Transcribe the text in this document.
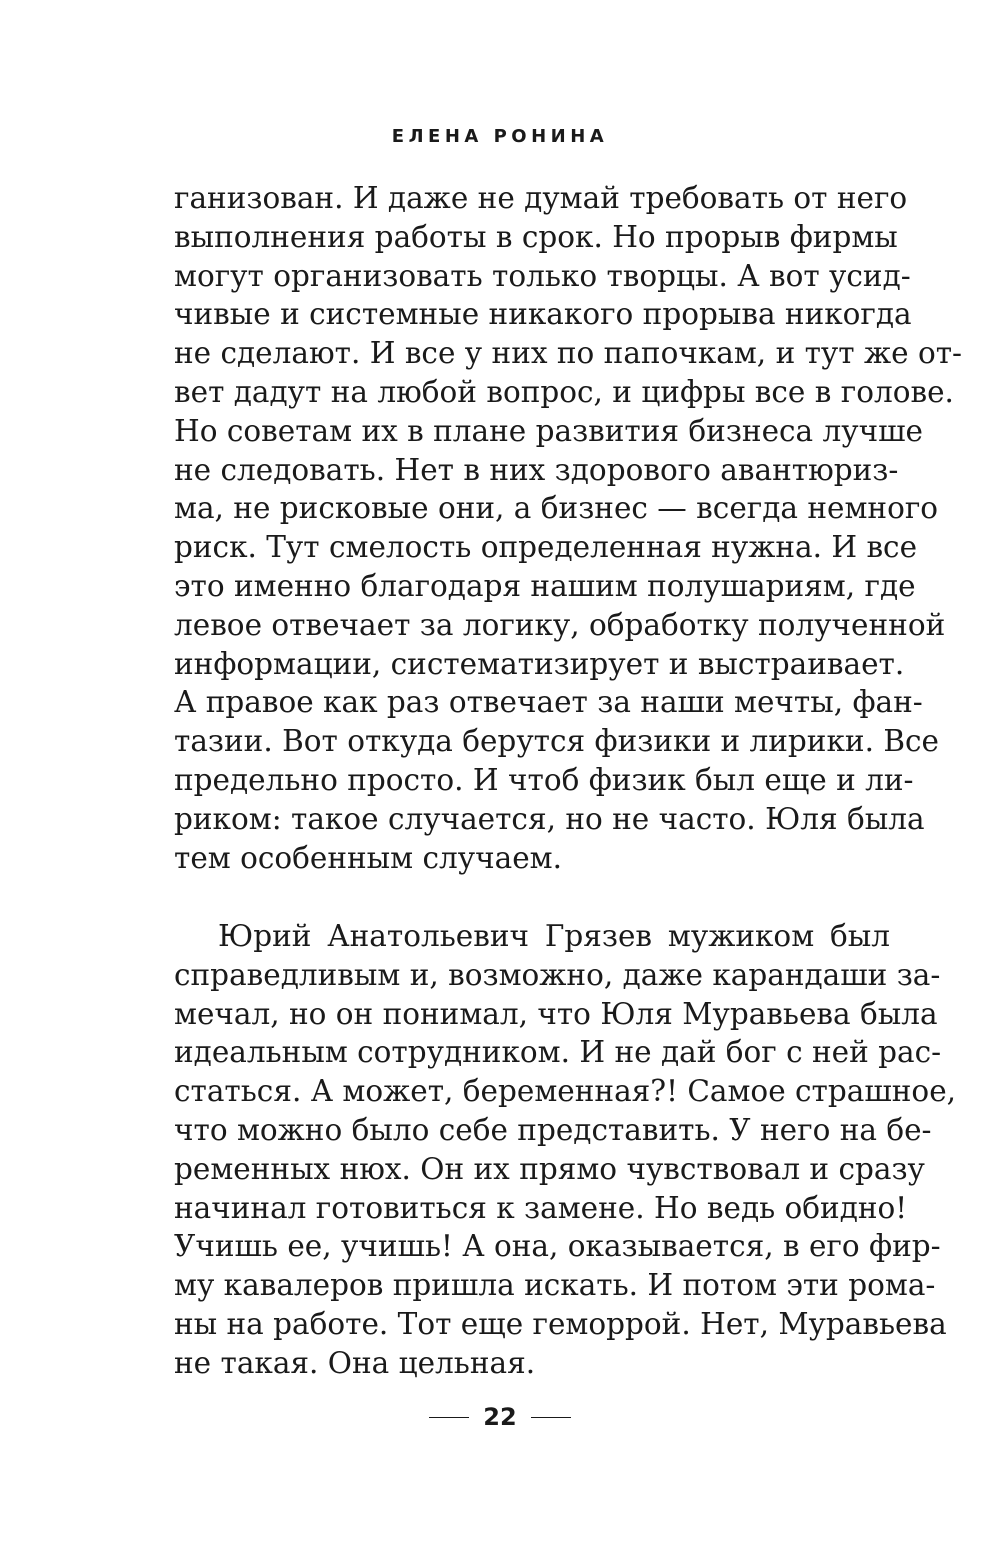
ЕЛЕНА РОНИНА
ганизован. И даже не думай требовать от него
выполнения работы в срок. Но прорыв фирмы
могут организовать только творцы. А вот усид-
чивые и системные никакого прорыва никогда
не сделают. И все у них по папочкам, и тут же от-
вет дадут на любой вопрос, и цифры все в голове.
Но советам их в плане развития бизнеса лучше
не следовать. Нет в них здорового авантюриз-
ма, не рисковые они, а бизнес — всегда немного
риск. Тут смелость определенная нужна. И все
это именно благодаря нашим полушариям, где
левое отвечает за логику, обработку полученной
информации, систематизирует и выстраивает.
А правое как раз отвечает за наши мечты, фан-
тазии. Вот откуда берутся физики и лирики. Все
предельно просто. И чтоб физик был еще и ли-
риком: такое случается, но не часто. Юля была
тем особенным случаем.
Юрий Анатольевич Грязев мужиком был
справедливым и, возможно, даже карандаши за-
мечал, но он понимал, что Юля Муравьева была
идеальным сотрудником. И не дай бог с ней рас-
статься. А может, беременная?! Самое страшное,
что можно было себе представить. У него на бе-
ременных нюх. Он их прямо чувствовал и сразу
начинал готовиться к замене. Но ведь обидно!
Учишь ее, учишь! А она, оказывается, в его фир-
му кавалеров пришла искать. И потом эти рома-
ны на работе. Тот еще геморрой. Нет, Муравьева
не такая. Она цельная.
22
